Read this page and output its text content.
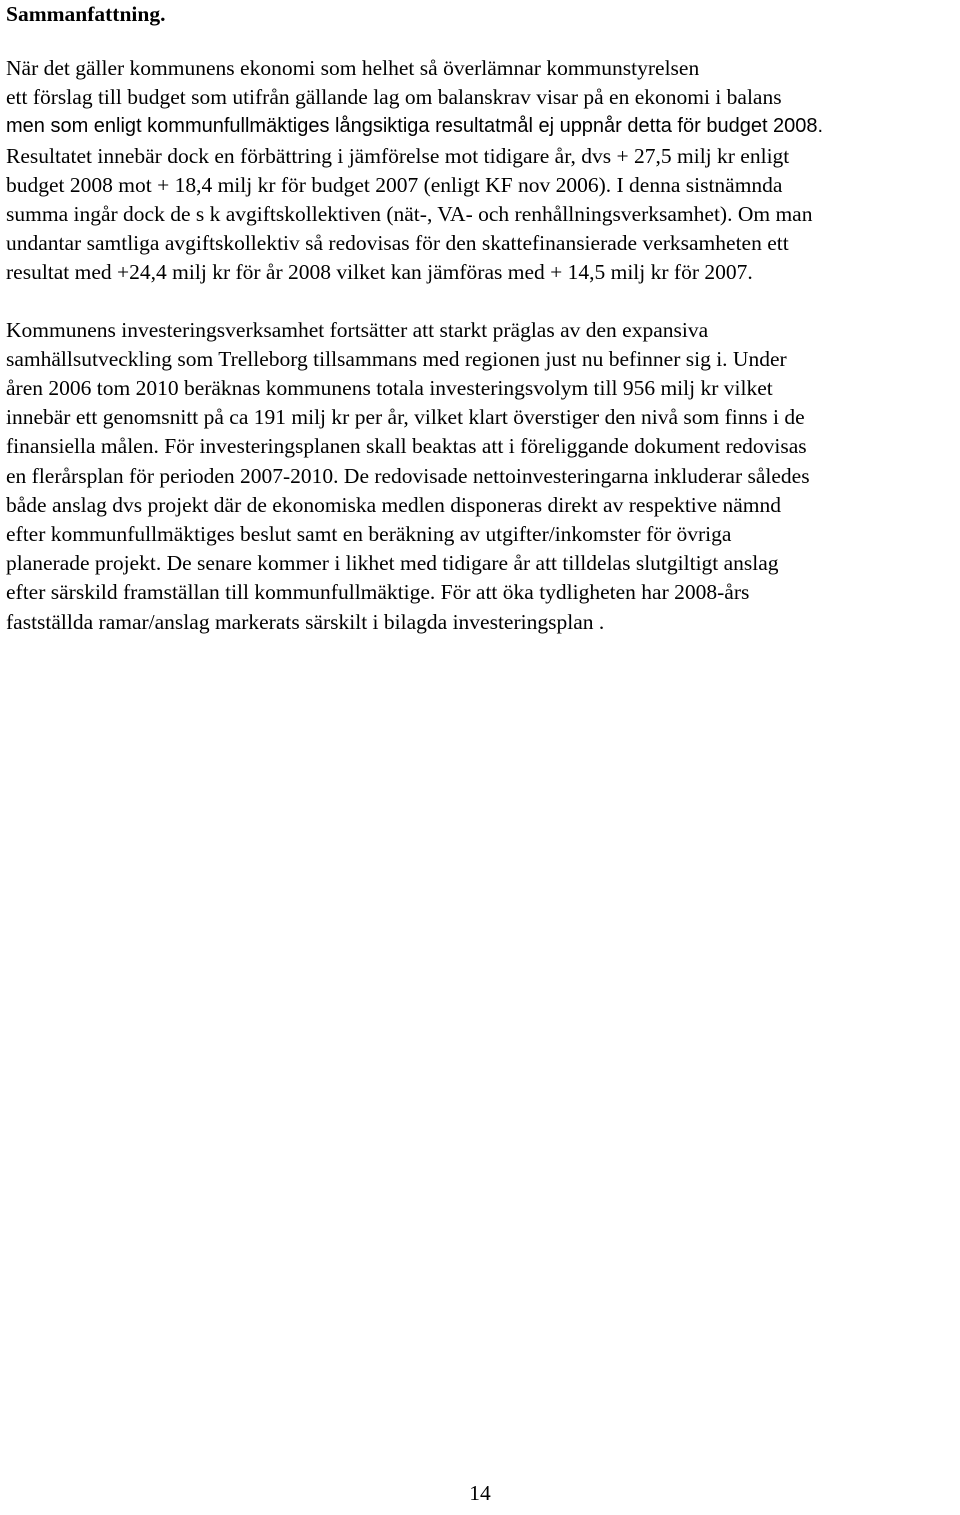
Sammanfattning.
När det gäller kommunens ekonomi som helhet så överlämnar kommunstyrelsen
ett förslag till budget som utifrån gällande lag om balanskrav visar på en ekonomi i balans
men som enligt kommunfullmäktiges långsiktiga resultatmål ej uppnår detta för budget 2008.
Resultatet innebär dock en förbättring i jämförelse mot tidigare år, dvs + 27,5 milj kr enligt
budget 2008 mot + 18,4 milj kr för budget 2007 (enligt KF nov 2006). I denna sistnämnda
summa ingår dock de s k avgiftskollektiven (nät-, VA- och renhållningsverksamhet). Om man
undantar samtliga avgiftskollektiv så redovisas för den skattefinansierade verksamheten ett
resultat med +24,4 milj kr för år 2008 vilket kan jämföras med + 14,5 milj kr för 2007.
Kommunens investeringsverksamhet fortsätter att starkt präglas av den expansiva
samhällsutveckling som Trelleborg tillsammans med regionen just nu befinner sig i. Under
åren 2006 tom 2010 beräknas kommunens totala investeringsvolym till 956 milj kr vilket
innebär ett genomsnitt på ca 191 milj kr per år, vilket klart överstiger den nivå som finns i de
finansiella målen. För investeringsplanen skall beaktas att i föreliggande dokument redovisas
en flerårsplan för perioden 2007-2010. De redovisade nettoinvesteringarna inkluderar således
både anslag dvs projekt där de ekonomiska medlen disponeras direkt av respektive nämnd
efter kommunfullmäktiges beslut samt en beräkning av utgifter/inkomster för övriga
planerade projekt. De senare kommer i likhet med tidigare år att tilldelas slutgiltigt anslag
efter särskild framställan till kommunfullmäktige. För att öka tydligheten har 2008-års
fastställda ramar/anslag markerats särskilt i bilagda investeringsplan .
14
